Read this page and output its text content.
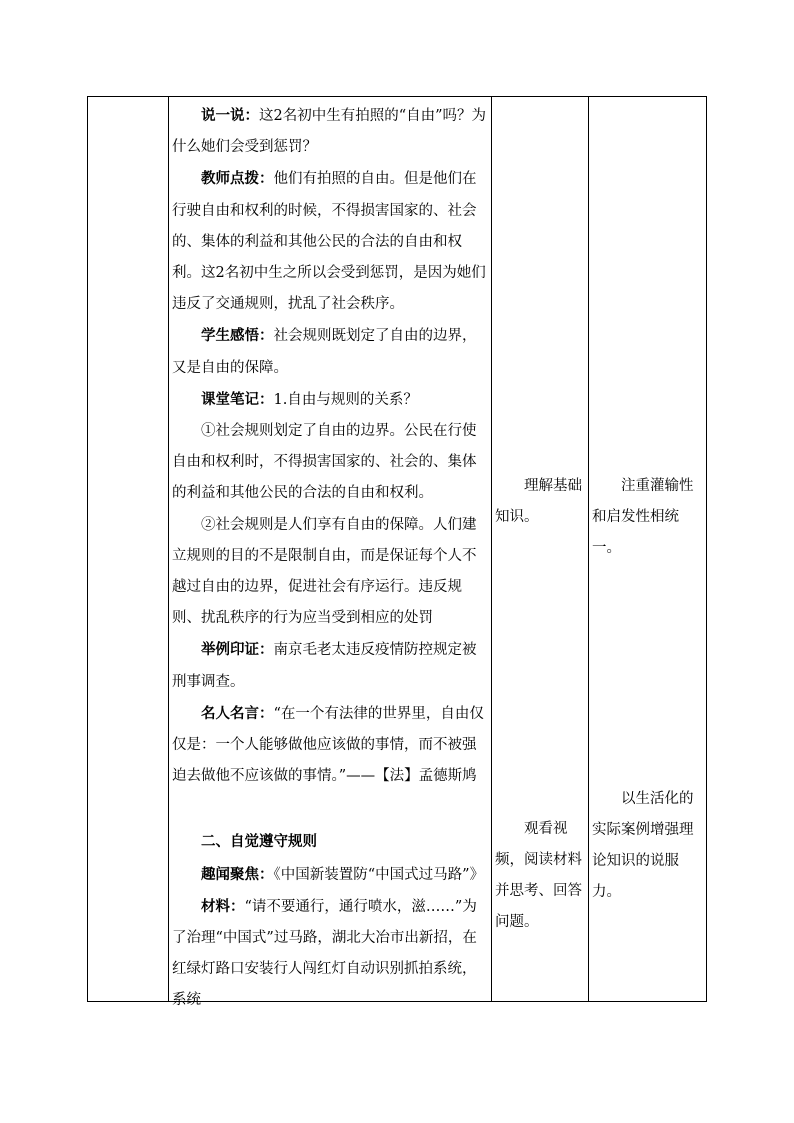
说一说：这2名初中生有拍照的“自由”吗？为什么她们会受到惩罚？

教师点拨：他们有拍照的自由。但是他们在行驶自由和权利的时候，不得损害国家的、社会的、集体的利益和其他公民的合法的自由和权利。这2名初中生之所以会受到惩罚，是因为她们违反了交通规则，扰乱了社会秩序。

学生感悟：社会规则既划定了自由的边界，又是自由的保障。

课堂笔记：1.自由与规则的关系？

①社会规则划定了自由的边界。公民在行使自由和权利时，不得损害国家的、社会的、集体的利益和其他公民的合法的自由和权利。

②社会规则是人们享有自由的保障。人们建立规则的目的不是限制自由，而是保证每个人不越过自由的边界，促进社会有序运行。违反规则、扰乱秩序的行为应当受到相应的处罚

举例印证：南京毛老太违反疫情防控规定被刑事调查。

名人名言：“在一个有法律的世界里，自由仅仅是：一个人能够做他应该做的事情，而不被强迫去做他不应该做的事情。”——【法】孟德斯鸠

二、自觉遵守规则

趣闻聚焦：《中国新装置防“中国式过马路”》

材料：“请不要通行，通行喷水，滋……”为了治理“中国式”过马路，湖北大冶市出新招，在红绿灯路口安装行人闯红灯自动识别抓拍系统，系统

理解基础知识。

观看视频，阅读材料并思考、回答问题。

注重灌输性和启发性相统一。

以生活化的实际案例增强理论知识的说服力。
